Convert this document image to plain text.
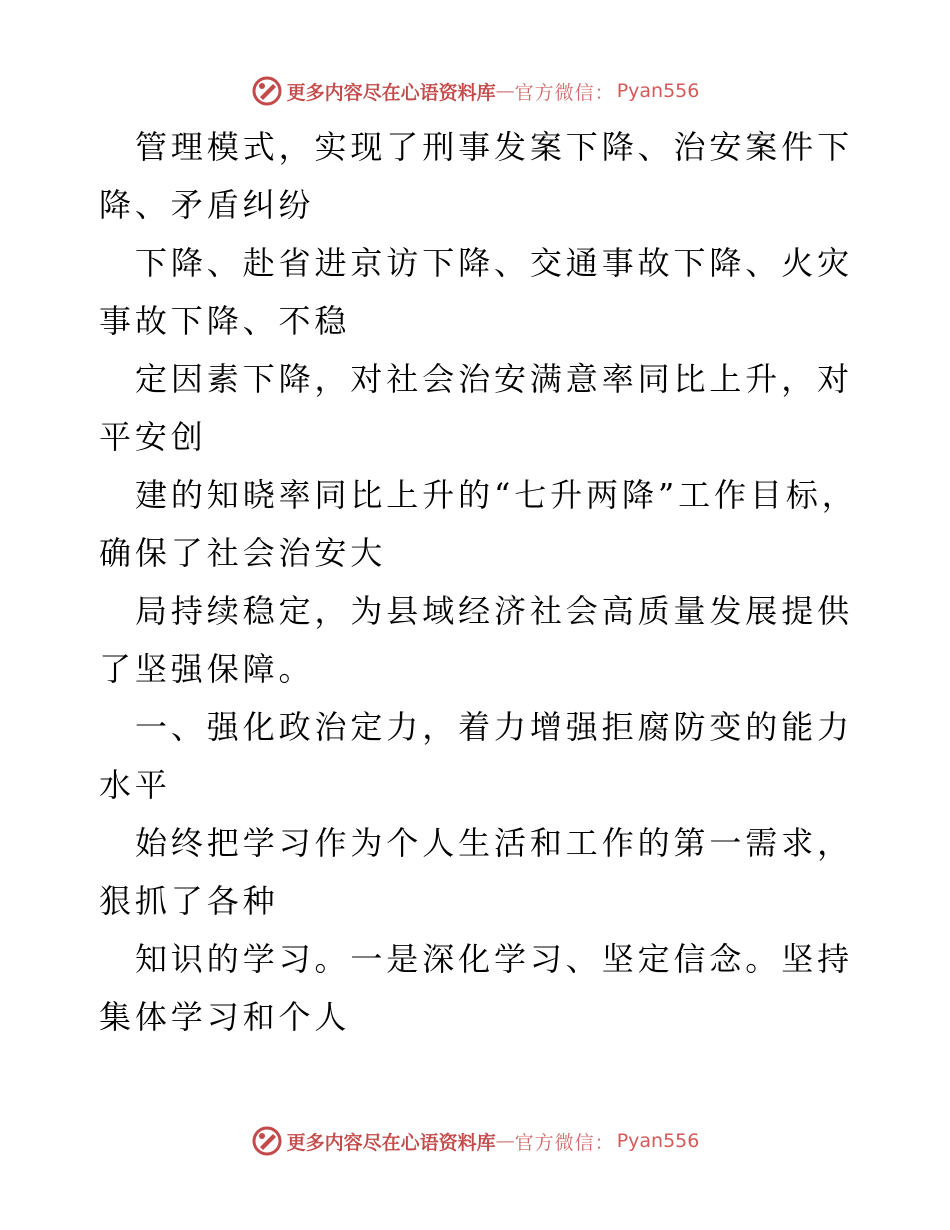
更多内容尽在心语资料库 — 官方微信： Pyan556

管理模式，实现了刑事发案下降、治安案件下降、矛盾纠纷

下降、赴省进京访下降、交通事故下降、火灾事故下降、不稳

定因素下降，对社会治安满意率同比上升，对平安创

建的知晓率同比上升的“七升两降”工作目标，确保了社会治安大

局持续稳定，为县域经济社会高质量发展提供了坚强保障。

一、强化政治定力，着力增强拒腐防变的能力水平

始终把学习作为个人生活和工作的第一需求，狠抓了各种

知识的学习。一是深化学习、坚定信念。坚持集体学习和个人

更多内容尽在心语资料库 — 官方微信： Pyan556
